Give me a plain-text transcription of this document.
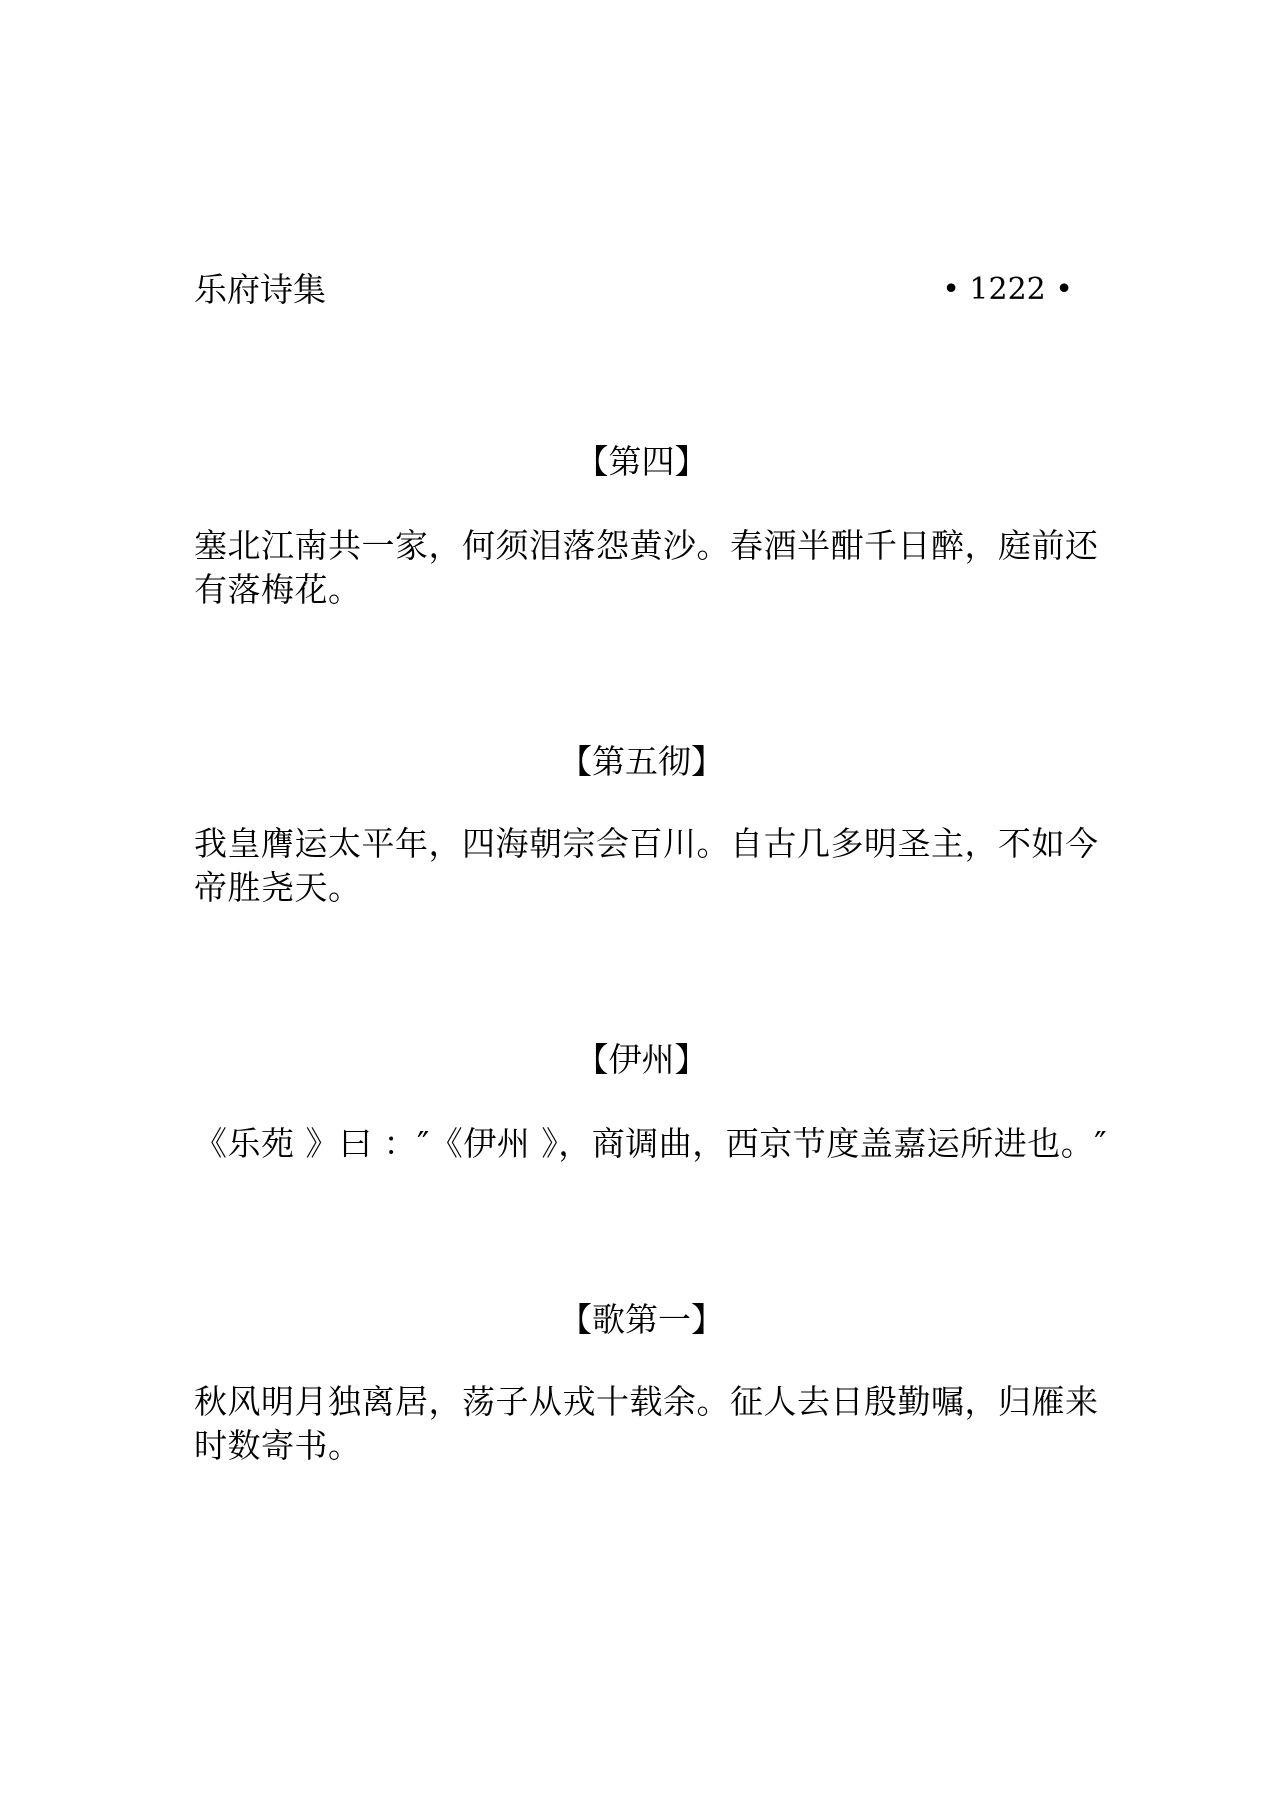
乐府诗集	• 1222 •
【第四】
塞北江南共一家，何须泪落怨黄沙。春酒半酣千日醉，庭前还
有落梅花。
【第五彻】
我皇膺运太平年，四海朝宗会百川。自古几多明圣主，不如今
帝胜尧天。
【伊州】
《乐苑 》曰 ：″《伊州 》，商调曲，西京节度盖嘉运所进也。″
【歌第一】
秋风明月独离居，荡子从戎十载余。征人去日殷勤嘱，归雁来
时数寄书。
